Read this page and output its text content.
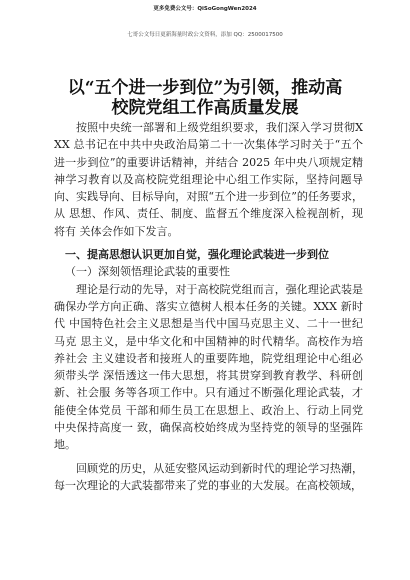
更多免费公文号：QiSoGongWen2024
七哥公文每日更新海量时政公文资料，添加 QQ：2500017500
以“五个进一步到位”为引领，推动高校院党组工作高质量发展

按照中央统一部署和上级党组织要求，我们深入学习贯彻XXX 总书记在中共中央政治局第二十一次集体学习时关于“五个进一步到位”的重要讲话精神，并结合 2025 年中央八项规定精 神学习教育以及高校院党组理论中心组工作实际，坚持问题导 向、实践导向、目标导向，对照“五个进一步到位”的任务要求，从 思想、作风、责任、制度、监督五个维度深入检视剖析，现将有 关体会作如下发言。

一、提高思想认识更加自觉，强化理论武装进一步到位

（一）深刻领悟理论武装的重要性

理论是行动的先导，对于高校院党组而言，强化理论武装是确保办学方向正确、落实立德树人根本任务的关键。XXX 新时代 中国特色社会主义思想是当代中国马克思主义、二十一世纪马克 思主义，是中华文化和中国精神的时代精华。高校作为培养社会 主义建设者和接班人的重要阵地，院党组理论中心组必须带头学 深悟透这一伟大思想，将其贯穿到教育教学、科研创新、社会服 务等各项工作中。只有通过不断强化理论武装，才能使全体党员 干部和师生员工在思想上、政治上、行动上同党中央保持高度一 致，确保高校始终成为坚持党的领导的坚强阵地。

回顾党的历史，从延安整风运动到新时代的理论学习热潮，每一次理论的大武装都带来了党的事业的大发展。在高校领域，
